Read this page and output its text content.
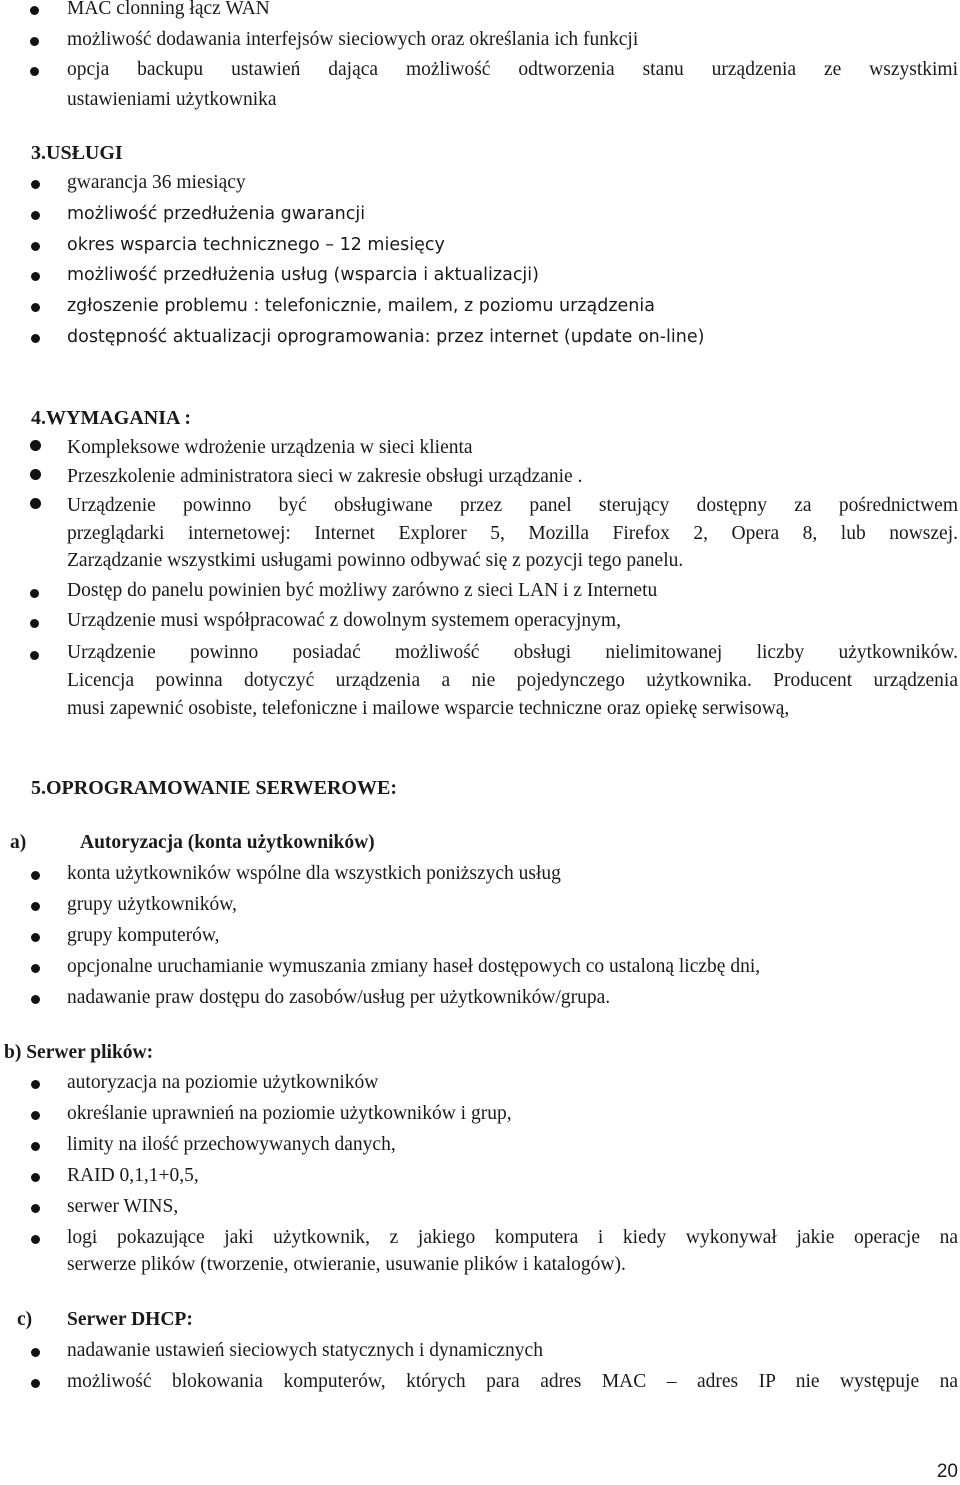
MAC clonning łącz WAN
możliwość dodawania interfejsów sieciowych oraz określania ich funkcji
opcja backupu ustawień dająca możliwość odtworzenia stanu urządzenia ze wszystkimi
ustawieniami użytkownika
3.USŁUGI
gwarancja 36 miesiący
możliwość przedłużenia gwarancji
okres wsparcia technicznego – 12 miesięcy
możliwość przedłużenia usług (wsparcia i aktualizacji)
zgłoszenie problemu : telefonicznie, mailem, z poziomu urządzenia
dostępność aktualizacji oprogramowania: przez internet (update on-line)
4.WYMAGANIA :
Kompleksowe wdrożenie urządzenia w sieci klienta
Przeszkolenie administratora sieci w zakresie obsługi urządzanie .
Urządzenie powinno być obsługiwane przez panel sterujący dostępny za pośrednictwem
przeglądarki internetowej: Internet Explorer 5, Mozilla Firefox 2, Opera 8, lub nowszej.
Zarządzanie wszystkimi usługami powinno odbywać się z pozycji tego panelu.
Dostęp do panelu powinien być możliwy zarówno z sieci LAN i z Internetu
Urządzenie musi współpracować z dowolnym systemem operacyjnym,
Urządzenie powinno posiadać możliwość obsługi nielimitowanej liczby użytkowników.
Licencja powinna dotyczyć urządzenia a nie pojedynczego użytkownika. Producent urządzenia
musi zapewnić osobiste, telefoniczne i mailowe wsparcie techniczne oraz opiekę serwisową,
5.OPROGRAMOWANIE SERWEROWE:
a)	Autoryzacja (konta użytkowników)
konta użytkowników wspólne dla wszystkich poniższych usług
grupy użytkowników,
grupy komputerów,
opcjonalne uruchamianie wymuszania zmiany haseł dostępowych co ustaloną liczbę dni,
nadawanie praw dostępu do zasobów/usług per użytkowników/grupa.
b) Serwer plików:
autoryzacja na poziomie użytkowników
określanie uprawnień na poziomie użytkowników i grup,
limity na ilość przechowywanych danych,
RAID 0,1,1+0,5,
serwer WINS,
logi pokazujące jaki użytkownik, z jakiego komputera i kiedy wykonywał jakie operacje na
serwerze plików (tworzenie, otwieranie, usuwanie plików i katalogów).
c) Serwer DHCP:
nadawanie ustawień sieciowych statycznych i dynamicznych
możliwość blokowania komputerów, których para adres MAC – adres IP nie występuje na
20
